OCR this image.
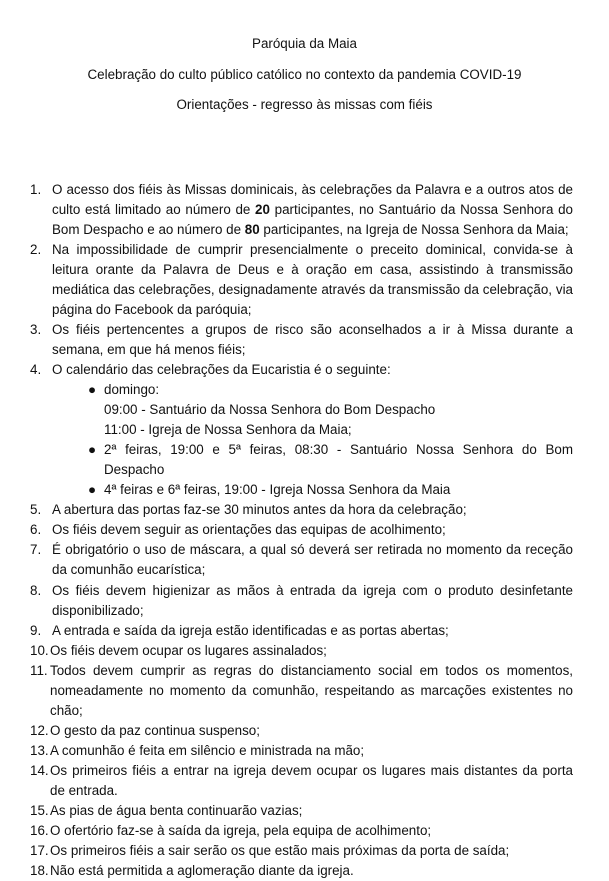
Paróquia da Maia
Celebração do culto público católico no contexto da pandemia COVID-19
Orientações - regresso às missas com fiéis
1. O acesso dos fiéis às Missas dominicais, às celebrações da Palavra e a outros atos de culto está limitado ao número de 20 participantes, no Santuário da Nossa Senhora do Bom Despacho e ao número de 80 participantes, na Igreja de Nossa Senhora da Maia;
2. Na impossibilidade de cumprir presencialmente o preceito dominical, convida-se à leitura orante da Palavra de Deus e à oração em casa, assistindo à transmissão mediática das celebrações, designadamente através da transmissão da celebração, via página do Facebook da paróquia;
3. Os fiéis pertencentes a grupos de risco são aconselhados a ir à Missa durante a semana, em que há menos fiéis;
4. O calendário das celebrações da Eucaristia é o seguinte:
● domingo:
09:00 - Santuário da Nossa Senhora do Bom Despacho
11:00 - Igreja de Nossa Senhora da Maia;
● 2ª feiras, 19:00 e 5ª feiras, 08:30 - Santuário Nossa Senhora do Bom Despacho
● 4ª feiras e 6ª feiras, 19:00 - Igreja Nossa Senhora da Maia
5. A abertura das portas faz-se 30 minutos antes da hora da celebração;
6. Os fiéis devem seguir as orientações das equipas de acolhimento;
7. É obrigatório o uso de máscara, a qual só deverá ser retirada no momento da receção da comunhão eucarística;
8. Os fiéis devem higienizar as mãos à entrada da igreja com o produto desinfetante disponibilizado;
9. A entrada e saída da igreja estão identificadas e as portas abertas;
10. Os fiéis devem ocupar os lugares assinalados;
11. Todos devem cumprir as regras do distanciamento social em todos os momentos, nomeadamente no momento da comunhão, respeitando as marcações existentes no chão;
12. O gesto da paz continua suspenso;
13. A comunhão é feita em silêncio e ministrada na mão;
14. Os primeiros fiéis a entrar na igreja devem ocupar os lugares mais distantes da porta de entrada.
15. As pias de água benta continuarão vazias;
16. O ofertório faz-se à saída da igreja, pela equipa de acolhimento;
17. Os primeiros fiéis a sair serão os que estão mais próximas da porta de saída;
18. Não está permitida a aglomeração diante da igreja.
